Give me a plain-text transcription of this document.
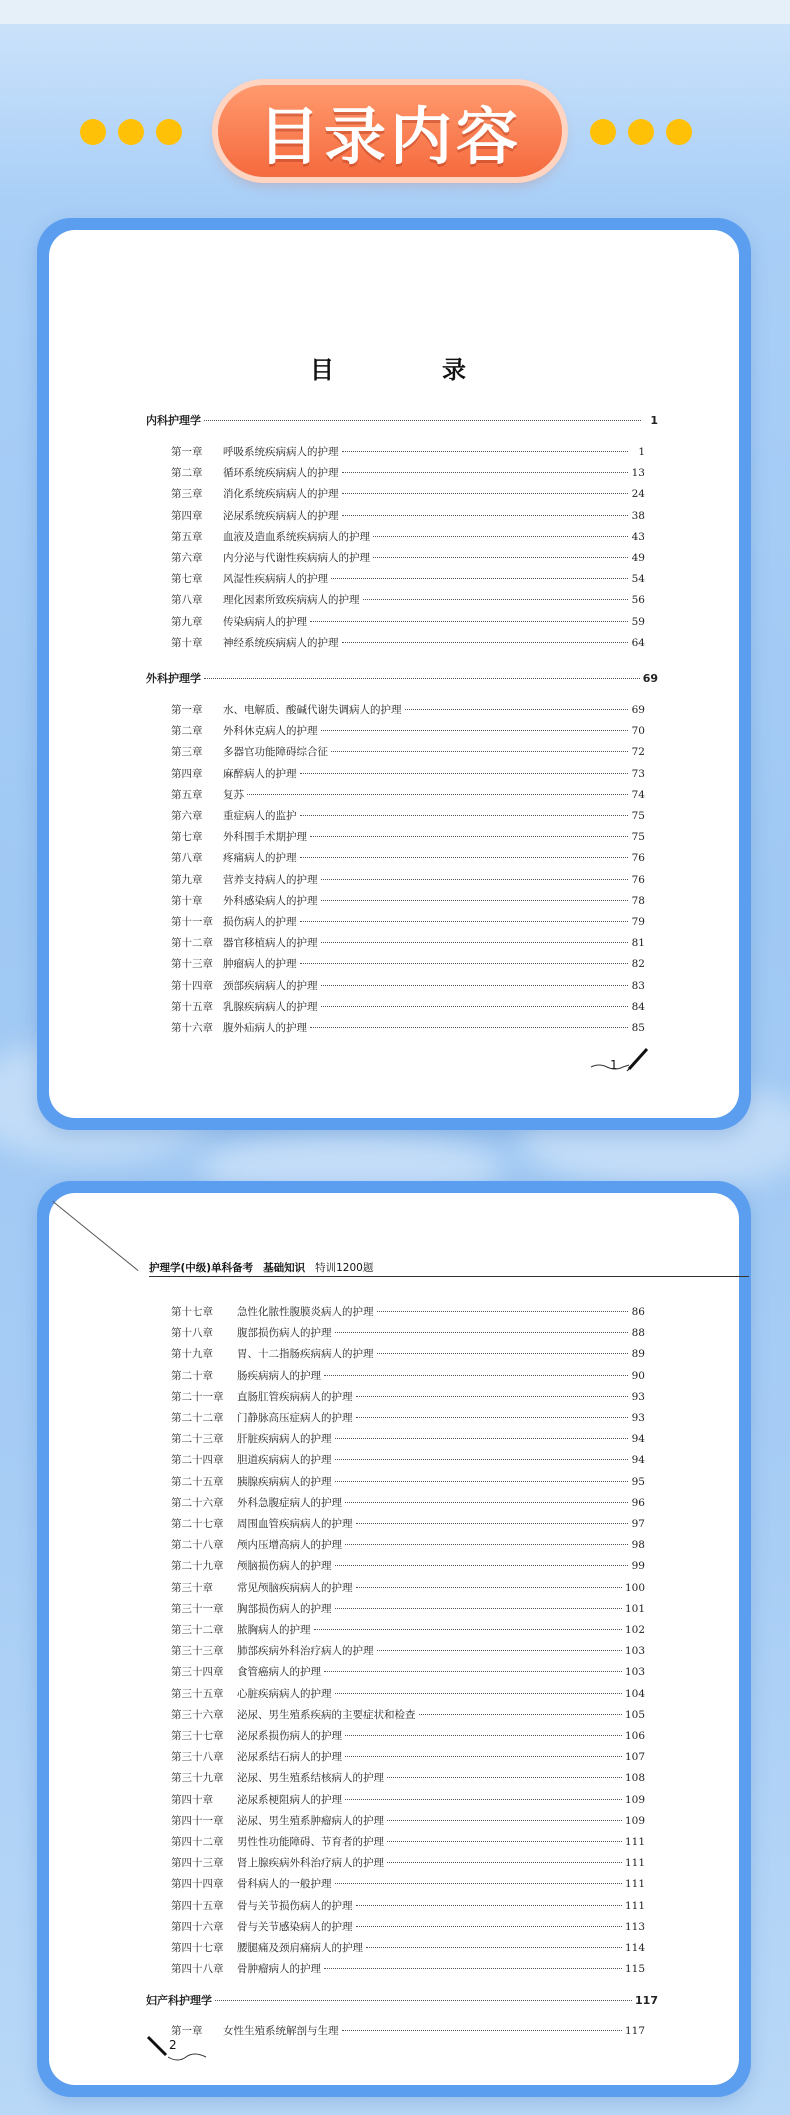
目录内容
目　录
内科护理学	1
第一章	呼吸系统疾病病人的护理	1
第二章	循环系统疾病病人的护理	13
第三章	消化系统疾病病人的护理	24
第四章	泌尿系统疾病病人的护理	38
第五章	血液及造血系统疾病病人的护理	43
第六章	内分泌与代谢性疾病病人的护理	49
第七章	风湿性疾病病人的护理	54
第八章	理化因素所致疾病病人的护理	56
第九章	传染病病人的护理	59
第十章	神经系统疾病病人的护理	64
外科护理学	69
第一章	水、电解质、酸碱代谢失调病人的护理	69
第二章	外科休克病人的护理	70
第三章	多器官功能障碍综合征	72
第四章	麻醉病人的护理	73
第五章	复苏	74
第六章	重症病人的监护	75
第七章	外科围手术期护理	75
第八章	疼痛病人的护理	76
第九章	营养支持病人的护理	76
第十章	外科感染病人的护理	78
第十一章 损伤病人的护理	79
第十二章 器官移植病人的护理	81
第十三章 肿瘤病人的护理	82
第十四章 颈部疾病病人的护理	83
第十五章 乳腺疾病病人的护理	84
第十六章 腹外疝病人的护理	85
1
护理学(中级)单科备考 基础知识 特训1200题
第十七章	急性化脓性腹膜炎病人的护理	86
第十八章	腹部损伤病人的护理	88
第十九章	胃、十二指肠疾病病人的护理	89
第二十章	肠疾病病人的护理	90
第二十一章	直肠肛管疾病病人的护理	93
第二十二章	门静脉高压症病人的护理	93
第二十三章	肝脏疾病病人的护理	94
第二十四章	胆道疾病病人的护理	94
第二十五章	胰腺疾病病人的护理	95
第二十六章	外科急腹症病人的护理	96
第二十七章	周围血管疾病病人的护理	97
第二十八章	颅内压增高病人的护理	98
第二十九章	颅脑损伤病人的护理	99
第三十章	常见颅脑疾病病人的护理	100
第三十一章	胸部损伤病人的护理	101
第三十二章	脓胸病人的护理	102
第三十三章	肺部疾病外科治疗病人的护理	103
第三十四章	食管癌病人的护理	103
第三十五章	心脏疾病病人的护理	104
第三十六章	泌尿、男生殖系疾病的主要症状和检查	105
第三十七章	泌尿系损伤病人的护理	106
第三十八章	泌尿系结石病人的护理	107
第三十九章	泌尿、男生殖系结核病人的护理	108
第四十章	泌尿系梗阻病人的护理	109
第四十一章	泌尿、男生殖系肿瘤病人的护理	109
第四十二章	男性性功能障碍、节育者的护理	111
第四十三章	肾上腺疾病外科治疗病人的护理	111
第四十四章	骨科病人的一般护理	111
第四十五章	骨与关节损伤病人的护理	111
第四十六章	骨与关节感染病人的护理	113
第四十七章	腰腿痛及颈肩痛病人的护理	114
第四十八章	骨肿瘤病人的护理	115
妇产科护理学	117
第一章	女性生殖系统解剖与生理	117
2
